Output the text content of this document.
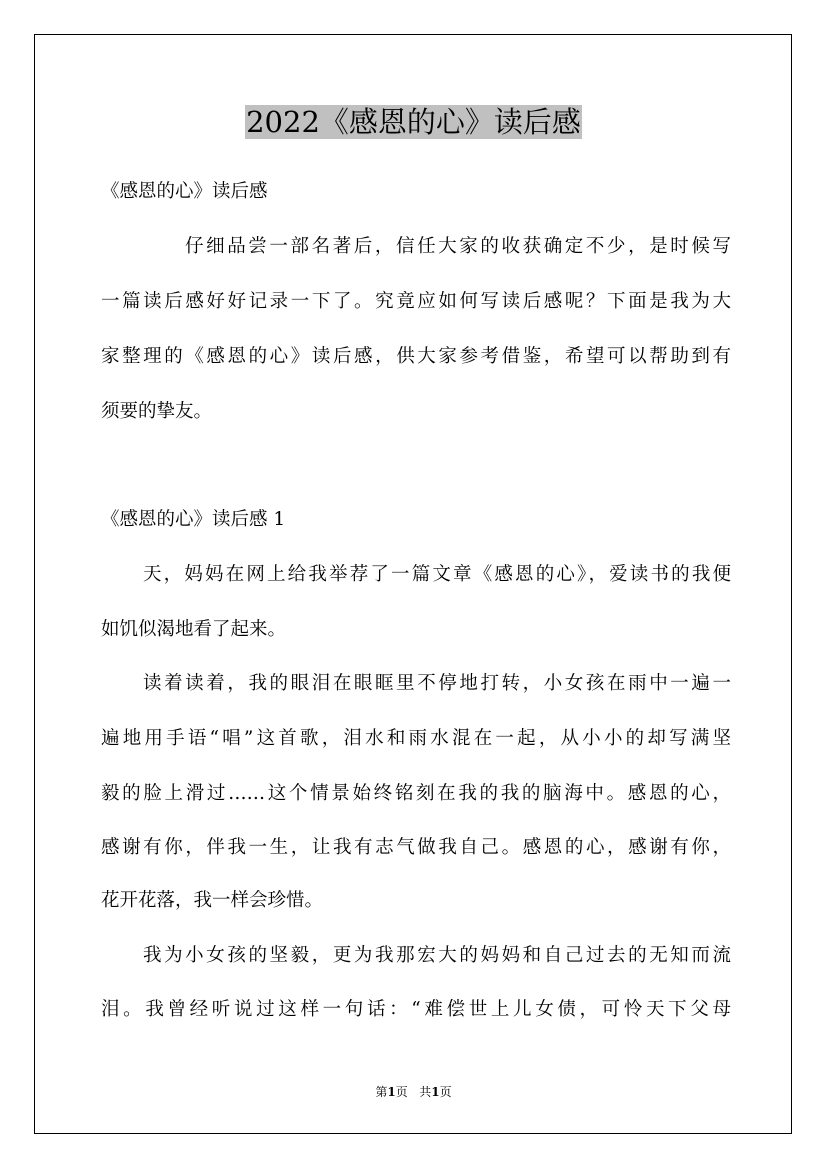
2022《感恩的心》读后感

《感恩的心》读后感

仔细品尝一部名著后，信任大家的收获确定不少，是时候写

一篇读后感好好记录一下了。究竟应如何写读后感呢？下面是我为大

家整理的《感恩的心》读后感，供大家参考借鉴，希望可以帮助到有

须要的挚友。

《感恩的心》读后感 1

天，妈妈在网上给我举荐了一篇文章《感恩的心》，爱读书的我便

如饥似渴地看了起来。

读着读着，我的眼泪在眼眶里不停地打转，小女孩在雨中一遍一

遍地用手语“唱”这首歌，泪水和雨水混在一起，从小小的却写满坚

毅的脸上滑过……这个情景始终铭刻在我的我的脑海中。感恩的心，

感谢有你，伴我一生，让我有志气做我自己。感恩的心，感谢有你，

花开花落，我一样会珍惜。

我为小女孩的坚毅，更为我那宏大的妈妈和自己过去的无知而流

泪。我曾经听说过这样一句话：“难偿世上儿女债，可怜天下父母

第1页 共1页
